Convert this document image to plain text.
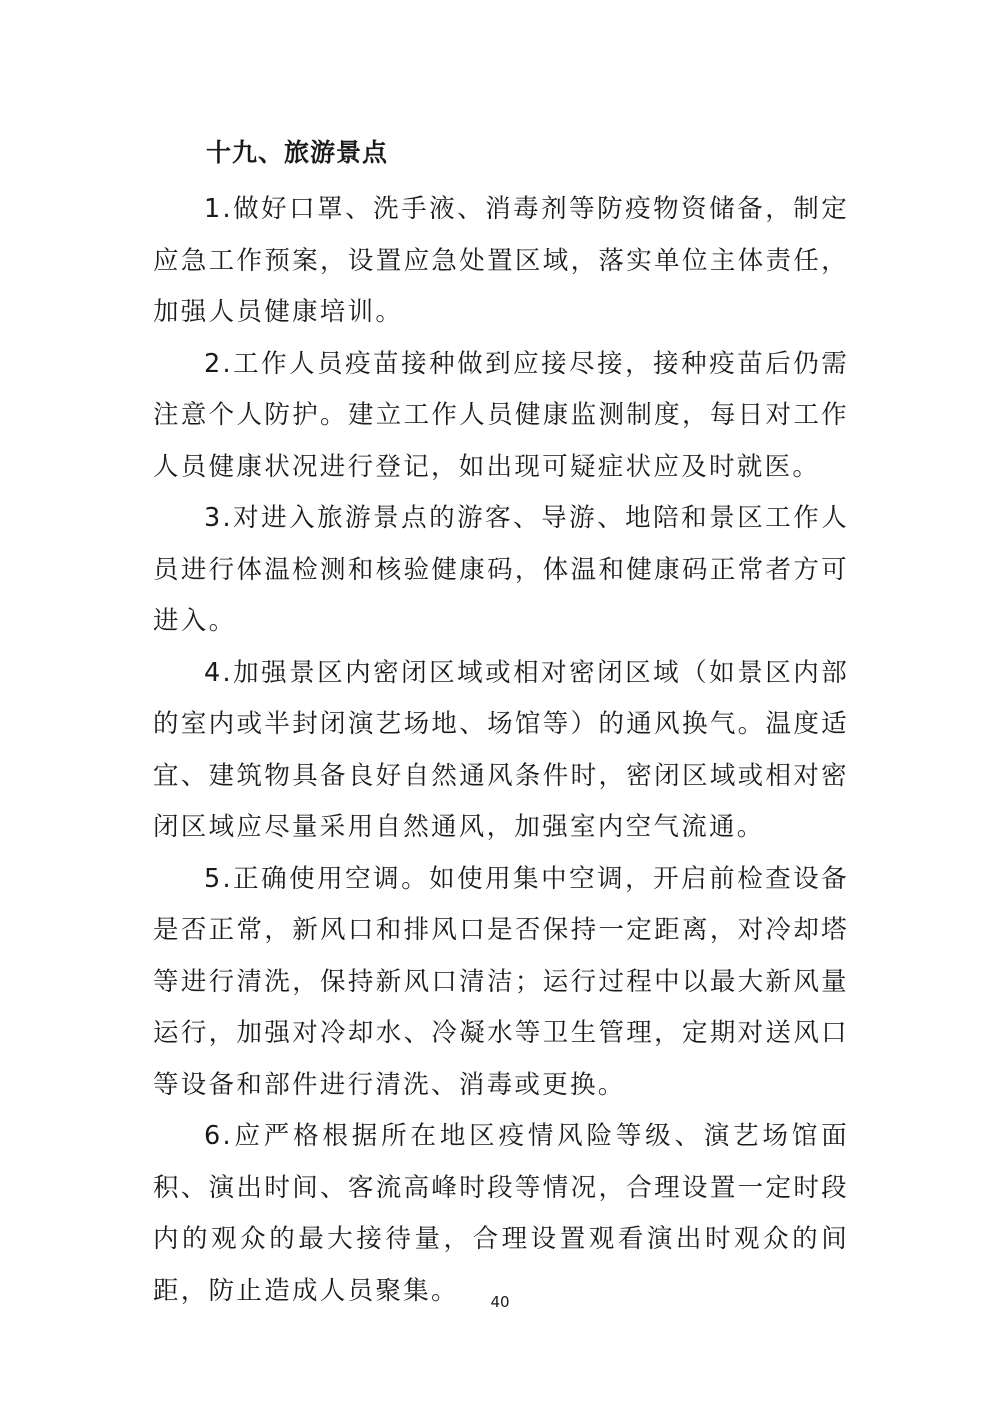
十九、旅游景点

1.做好口罩、洗手液、消毒剂等防疫物资储备，制定应急工作预案，设置应急处置区域，落实单位主体责任，加强人员健康培训。

2.工作人员疫苗接种做到应接尽接，接种疫苗后仍需注意个人防护。建立工作人员健康监测制度，每日对工作人员健康状况进行登记，如出现可疑症状应及时就医。

3.对进入旅游景点的游客、导游、地陪和景区工作人员进行体温检测和核验健康码，体温和健康码正常者方可进入。

4.加强景区内密闭区域或相对密闭区域（如景区内部的室内或半封闭演艺场地、场馆等）的通风换气。温度适宜、建筑物具备良好自然通风条件时，密闭区域或相对密闭区域应尽量采用自然通风，加强室内空气流通。

5.正确使用空调。如使用集中空调，开启前检查设备是否正常，新风口和排风口是否保持一定距离，对冷却塔等进行清洗，保持新风口清洁；运行过程中以最大新风量运行，加强对冷却水、冷凝水等卫生管理，定期对送风口等设备和部件进行清洗、消毒或更换。

6.应严格根据所在地区疫情风险等级、演艺场馆面积、演出时间、客流高峰时段等情况，合理设置一定时段内的观众的最大接待量，合理设置观看演出时观众的间距，防止造成人员聚集。	40
